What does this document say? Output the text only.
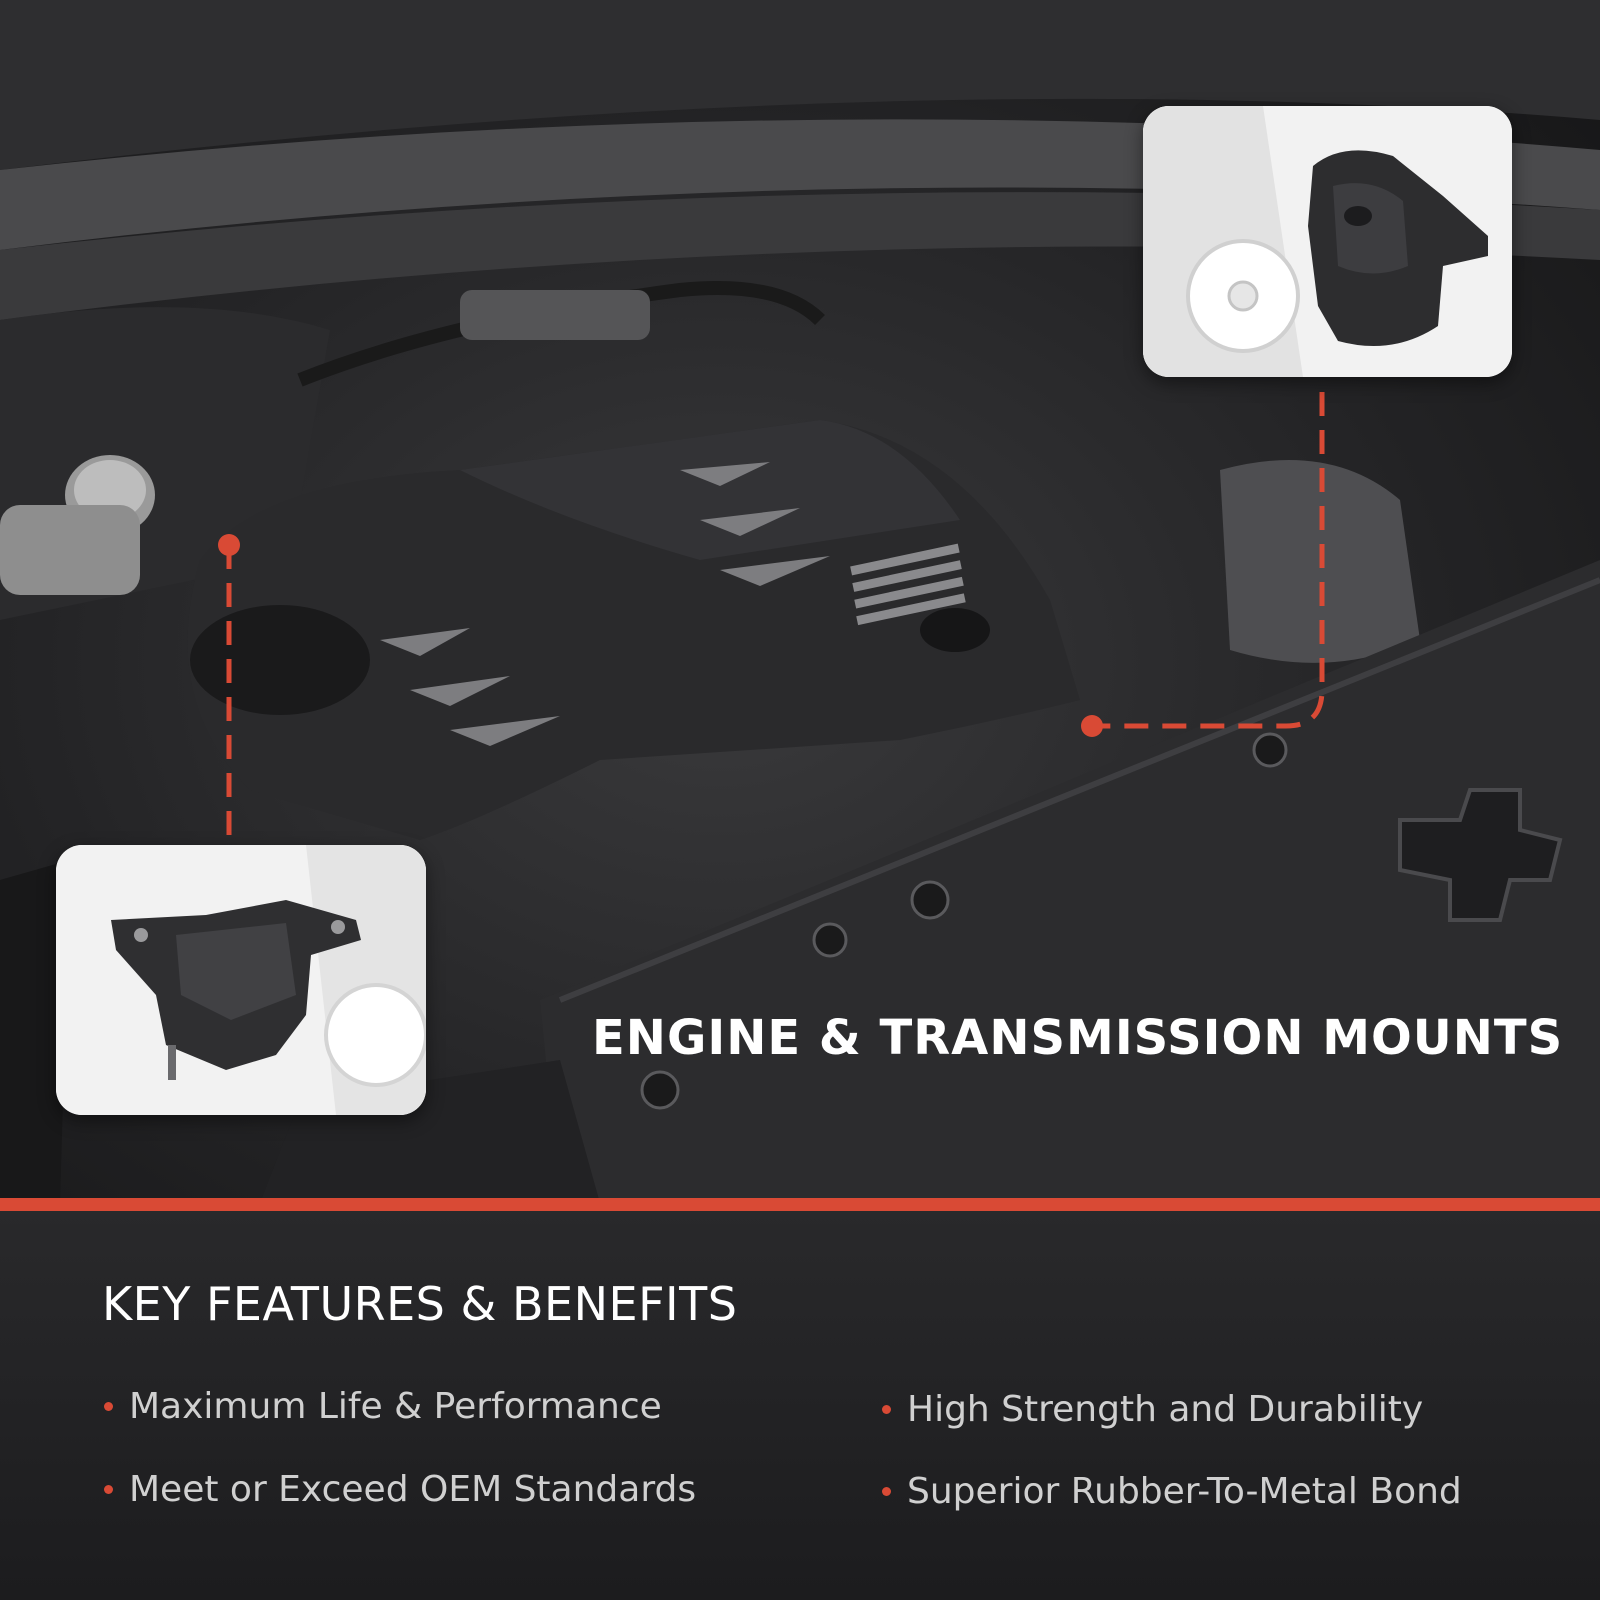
ENGINE & TRANSMISSION MOUNTS
KEY FEATURES & BENEFITS
Maximum Life & Performance
Meet or Exceed OEM Standards
High Strength and Durability
Superior Rubber-To-Metal Bond
